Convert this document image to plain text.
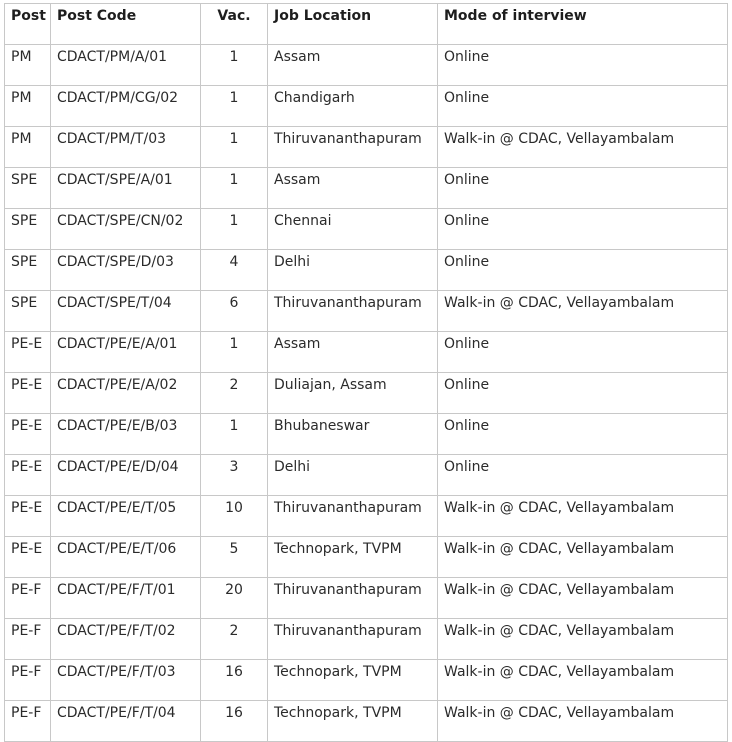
Post	Post Code	Vac.	Job Location	Mode of interview
PM	CDACT/PM/A/01	1	Assam	Online
PM	CDACT/PM/CG/02	1	Chandigarh	Online
PM	CDACT/PM/T/03	1	Thiruvananthapuram	Walk-in @ CDAC, Vellayambalam
SPE	CDACT/SPE/A/01	1	Assam	Online
SPE	CDACT/SPE/CN/02	1	Chennai	Online
SPE	CDACT/SPE/D/03	4	Delhi	Online
SPE	CDACT/SPE/T/04	6	Thiruvananthapuram	Walk-in @ CDAC, Vellayambalam
PE-E	CDACT/PE/E/A/01	1	Assam	Online
PE-E	CDACT/PE/E/A/02	2	Duliajan, Assam	Online
PE-E	CDACT/PE/E/B/03	1	Bhubaneswar	Online
PE-E	CDACT/PE/E/D/04	3	Delhi	Online
PE-E	CDACT/PE/E/T/05	10	Thiruvananthapuram	Walk-in @ CDAC, Vellayambalam
PE-E	CDACT/PE/E/T/06	5	Technopark, TVPM	Walk-in @ CDAC, Vellayambalam
PE-F	CDACT/PE/F/T/01	20	Thiruvananthapuram	Walk-in @ CDAC, Vellayambalam
PE-F	CDACT/PE/F/T/02	2	Thiruvananthapuram	Walk-in @ CDAC, Vellayambalam
PE-F	CDACT/PE/F/T/03	16	Technopark, TVPM	Walk-in @ CDAC, Vellayambalam
PE-F	CDACT/PE/F/T/04	16	Technopark, TVPM	Walk-in @ CDAC, Vellayambalam
